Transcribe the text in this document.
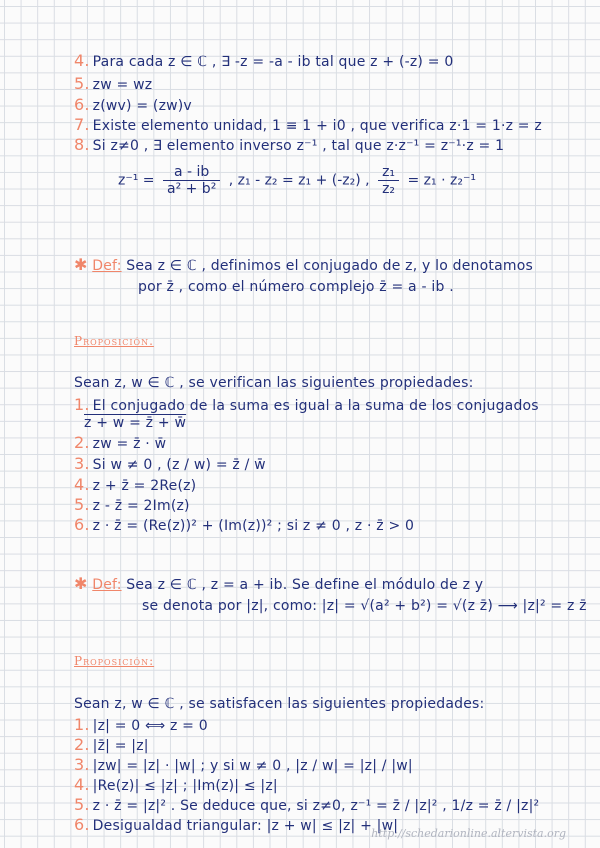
4. Para cada z ∈ ℂ , ∃ -z = -a - ib tal que z + (-z) = 0
5. zw = wz
6. z(wv) = (zw)v
7. Existe elemento unidad, 1 ≡ 1 + i0 , que verifica z·1 = 1·z = z
8. Si z≠0 , ∃ elemento inverso z⁻¹ , tal que z·z⁻¹ = z⁻¹·z = 1
$z^{-1} = \frac{a - ib}{\text{a² + b²}}$ , z₁ - z₂ = z₁ + (-z₂) , $\frac{\text{z₁}}{\text{z₂}} = z_1 \cdot z_2^{-1}$
✱ Def: Sea z ∈ ℂ , definimos el conjugado de z, y lo denotamos
por z̄ , como el número complejo z̄ = a - ib .
Proposición.
Sean z, w ∈ ℂ , se verifican las siguientes propiedades:
1. El conjugado de la suma es igual a la suma de los conjugados
z + w = z̄ + w̄
2. zw = z̄ · w̄
3. Si w ≠ 0 , (z / w) = z̄ / w̄
4. z + z̄ = 2Re(z)
5. z - z̄ = 2Im(z)
6. z · z̄ = (Re(z))² + (Im(z))² ; si z ≠ 0 , z · z̄ > 0
✱ Def: Sea z ∈ ℂ , z = a + ib. Se define el módulo de z y
se denota por |z|, como: |z| = √(a² + b²) = √(z z̄) ⟶ |z|² = z z̄
Proposición:
Sean z, w ∈ ℂ , se satisfacen las siguientes propiedades:
1. |z| = 0 ⟺ z = 0
2. |z̄| = |z|
3. |zw| = |z| · |w| ; y si w ≠ 0 , |z / w| = |z| / |w|
4. |Re(z)| ≤ |z| ; |Im(z)| ≤ |z|
5. z · z̄ = |z|² . Se deduce que, si z≠0, z⁻¹ = z̄ / |z|² , 1/z = z̄ / |z|²
6. Desigualdad triangular: |z + w| ≤ |z| + |w|
http://schedarionline.altervista.org
